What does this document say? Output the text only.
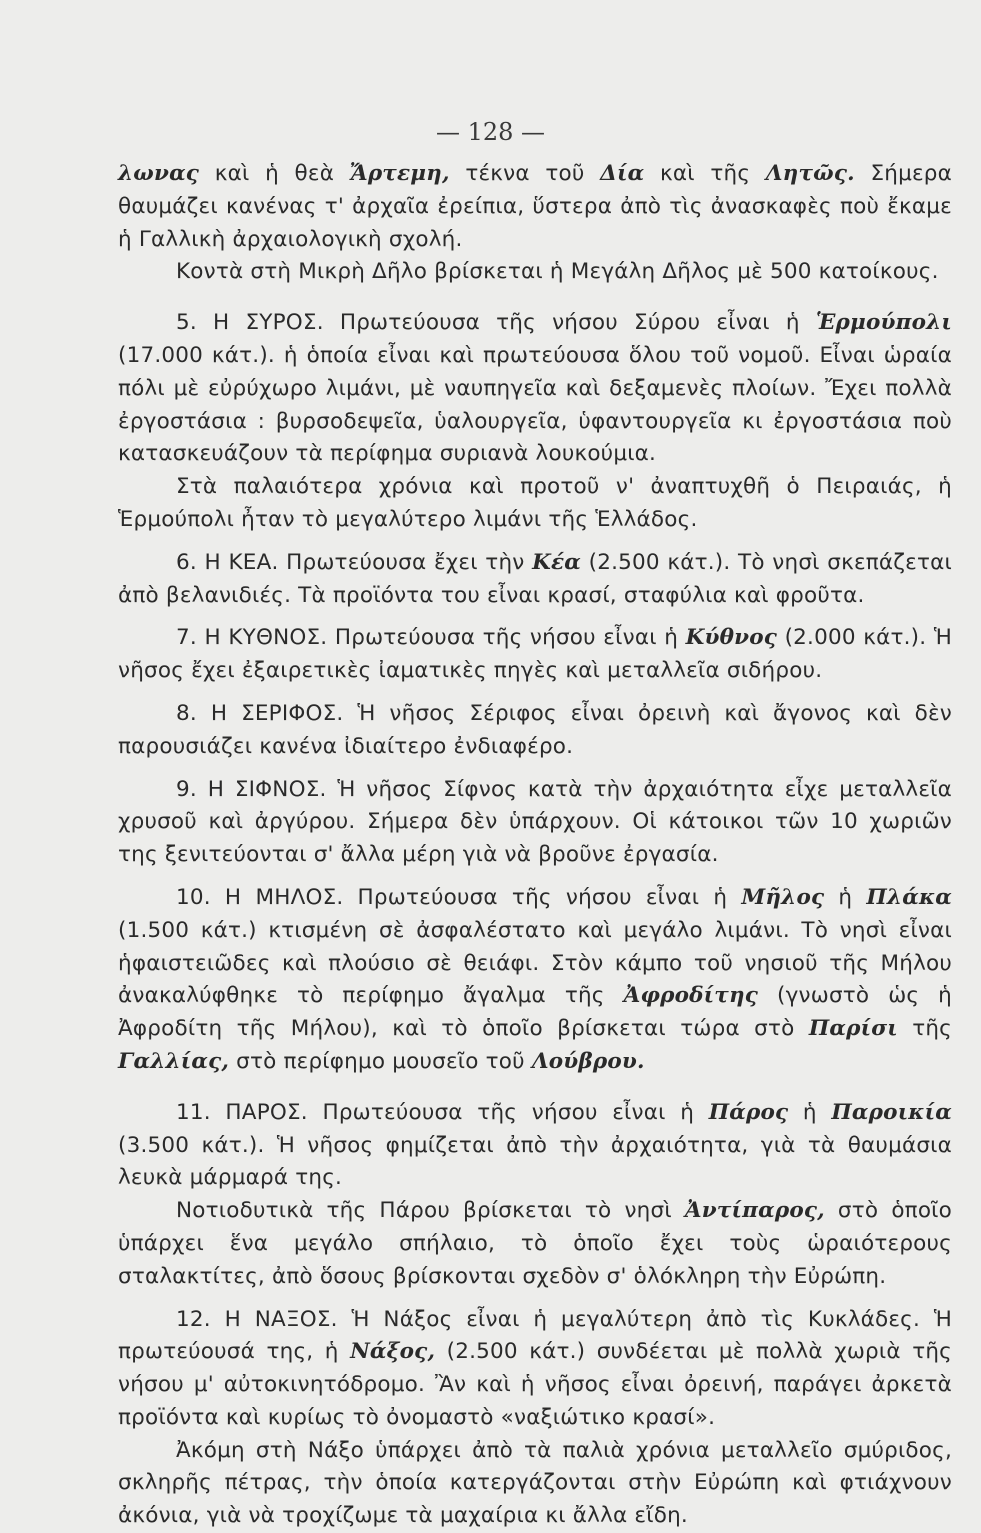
— 128 —

λωνας καὶ ἡ θεὰ Ἄρτεμη, τέκνα τοῦ Δία καὶ τῆς Λητῶς. Σήμερα θαυμάζει κανένας τ' ἀρχαῖα ἐρείπια, ὕστερα ἀπὸ τὶς ἀνασκαφὲς ποὺ ἔκαμε ἡ Γαλλικὴ ἀρχαιολογικὴ σχολή.

Κοντὰ στὴ Μικρὴ Δῆλο βρίσκεται ἡ Μεγάλη Δῆλος μὲ 500 κατοίκους.

5. Η ΣΥΡΟΣ. Πρωτεύουσα τῆς νήσου Σύρου εἶναι ἡ Ἑρμούπολι (17.000 κάτ.). ἡ ὁποία εἶναι καὶ πρωτεύουσα ὅλου τοῦ νομοῦ. Εἶναι ὡραία πόλι μὲ εὐρύχωρο λιμάνι, μὲ ναυπηγεῖα καὶ δεξαμενὲς πλοίων. Ἔχει πολλὰ ἐργοστάσια : βυρσοδεψεῖα, ὑαλουργεῖα, ὑφαντουργεῖα κι ἐργοστάσια ποὺ κατασκευάζουν τὰ περίφημα συριανὰ λουκούμια.

Στὰ παλαιότερα χρόνια καὶ προτοῦ ν' ἀναπτυχθῆ ὁ Πειραιάς, ἡ Ἑρμούπολι ἦταν τὸ μεγαλύτερο λιμάνι τῆς Ἑλλάδος.

6. Η ΚΕΑ. Πρωτεύουσα ἔχει τὴν Κέα (2.500 κάτ.). Τὸ νησὶ σκεπάζεται ἀπὸ βελανιδιές. Τὰ προϊόντα του εἶναι κρασί, σταφύλια καὶ φροῦτα.

7. Η ΚΥΘΝΟΣ. Πρωτεύουσα τῆς νήσου εἶναι ἡ Κύθνος (2.000 κάτ.). Ἡ νῆσος ἔχει ἐξαιρετικὲς ἰαματικὲς πηγὲς καὶ μεταλλεῖα σιδήρου.

8. Η ΣΕΡΙΦΟΣ. Ἡ νῆσος Σέριφος εἶναι ὀρεινὴ καὶ ἄγονος καὶ δὲν παρουσιάζει κανένα ἰδιαίτερο ἐνδιαφέρο.

9. Η ΣΙΦΝΟΣ. Ἡ νῆσος Σίφνος κατὰ τὴν ἀρχαιότητα εἶχε μεταλλεῖα χρυσοῦ καὶ ἀργύρου. Σήμερα δὲν ὑπάρχουν. Οἱ κάτοικοι τῶν 10 χωριῶν της ξενιτεύονται σ' ἄλλα μέρη γιὰ νὰ βροῦνε ἐργασία.

10. Η ΜΗΛΟΣ. Πρωτεύουσα τῆς νήσου εἶναι ἡ Μῆλος ἡ Πλάκα (1.500 κάτ.) κτισμένη σὲ ἀσφαλέστατο καὶ μεγάλο λιμάνι. Τὸ νησὶ εἶναι ἡφαιστειῶδες καὶ πλούσιο σὲ θειάφι. Στὸν κάμπο τοῦ νησιοῦ τῆς Μήλου ἀνακαλύφθηκε τὸ περίφημο ἄγαλμα τῆς Ἀφροδίτης (γνωστὸ ὡς ἡ Ἀφροδίτη τῆς Μήλου), καὶ τὸ ὁποῖο βρίσκεται τώρα στὸ Παρίσι τῆς Γαλλίας, στὸ περίφημο μουσεῖο τοῦ Λούβρου.

11. ΠΑΡΟΣ. Πρωτεύουσα τῆς νήσου εἶναι ἡ Πάρος ἡ Παροικία (3.500 κάτ.). Ἡ νῆσος φημίζεται ἀπὸ τὴν ἀρχαιότητα, γιὰ τὰ θαυμάσια λευκὰ μάρμαρά της.

Νοτιοδυτικὰ τῆς Πάρου βρίσκεται τὸ νησὶ Ἀντίπαρος, στὸ ὁποῖο ὑπάρχει ἕνα μεγάλο σπήλαιο, τὸ ὁποῖο ἔχει τοὺς ὡραιότερους σταλακτίτες, ἀπὸ ὅσους βρίσκονται σχεδὸν σ' ὁλόκληρη τὴν Εὐρώπη.

12. Η ΝΑΞΟΣ. Ἡ Νάξος εἶναι ἡ μεγαλύτερη ἀπὸ τὶς Κυκλάδες. Ἡ πρωτεύουσά της, ἡ Νάξος, (2.500 κάτ.) συνδέεται μὲ πολλὰ χωριὰ τῆς νήσου μ' αὐτοκινητόδρομο. Ἂν καὶ ἡ νῆσος εἶναι ὀρεινή, παράγει ἀρκετὰ προϊόντα καὶ κυρίως τὸ ὀνομαστὸ «ναξιώτικο κρασί».

Ἀκόμη στὴ Νάξο ὑπάρχει ἀπὸ τὰ παλιὰ χρόνια μεταλλεῖο σμύριδος, σκληρῆς πέτρας, τὴν ὁποία κατεργάζονται στὴν Εὐρώπη καὶ φτιάχνουν ἀκόνια, γιὰ νὰ τροχίζωμε τὰ μαχαίρια κι ἄλλα εἴδη.
